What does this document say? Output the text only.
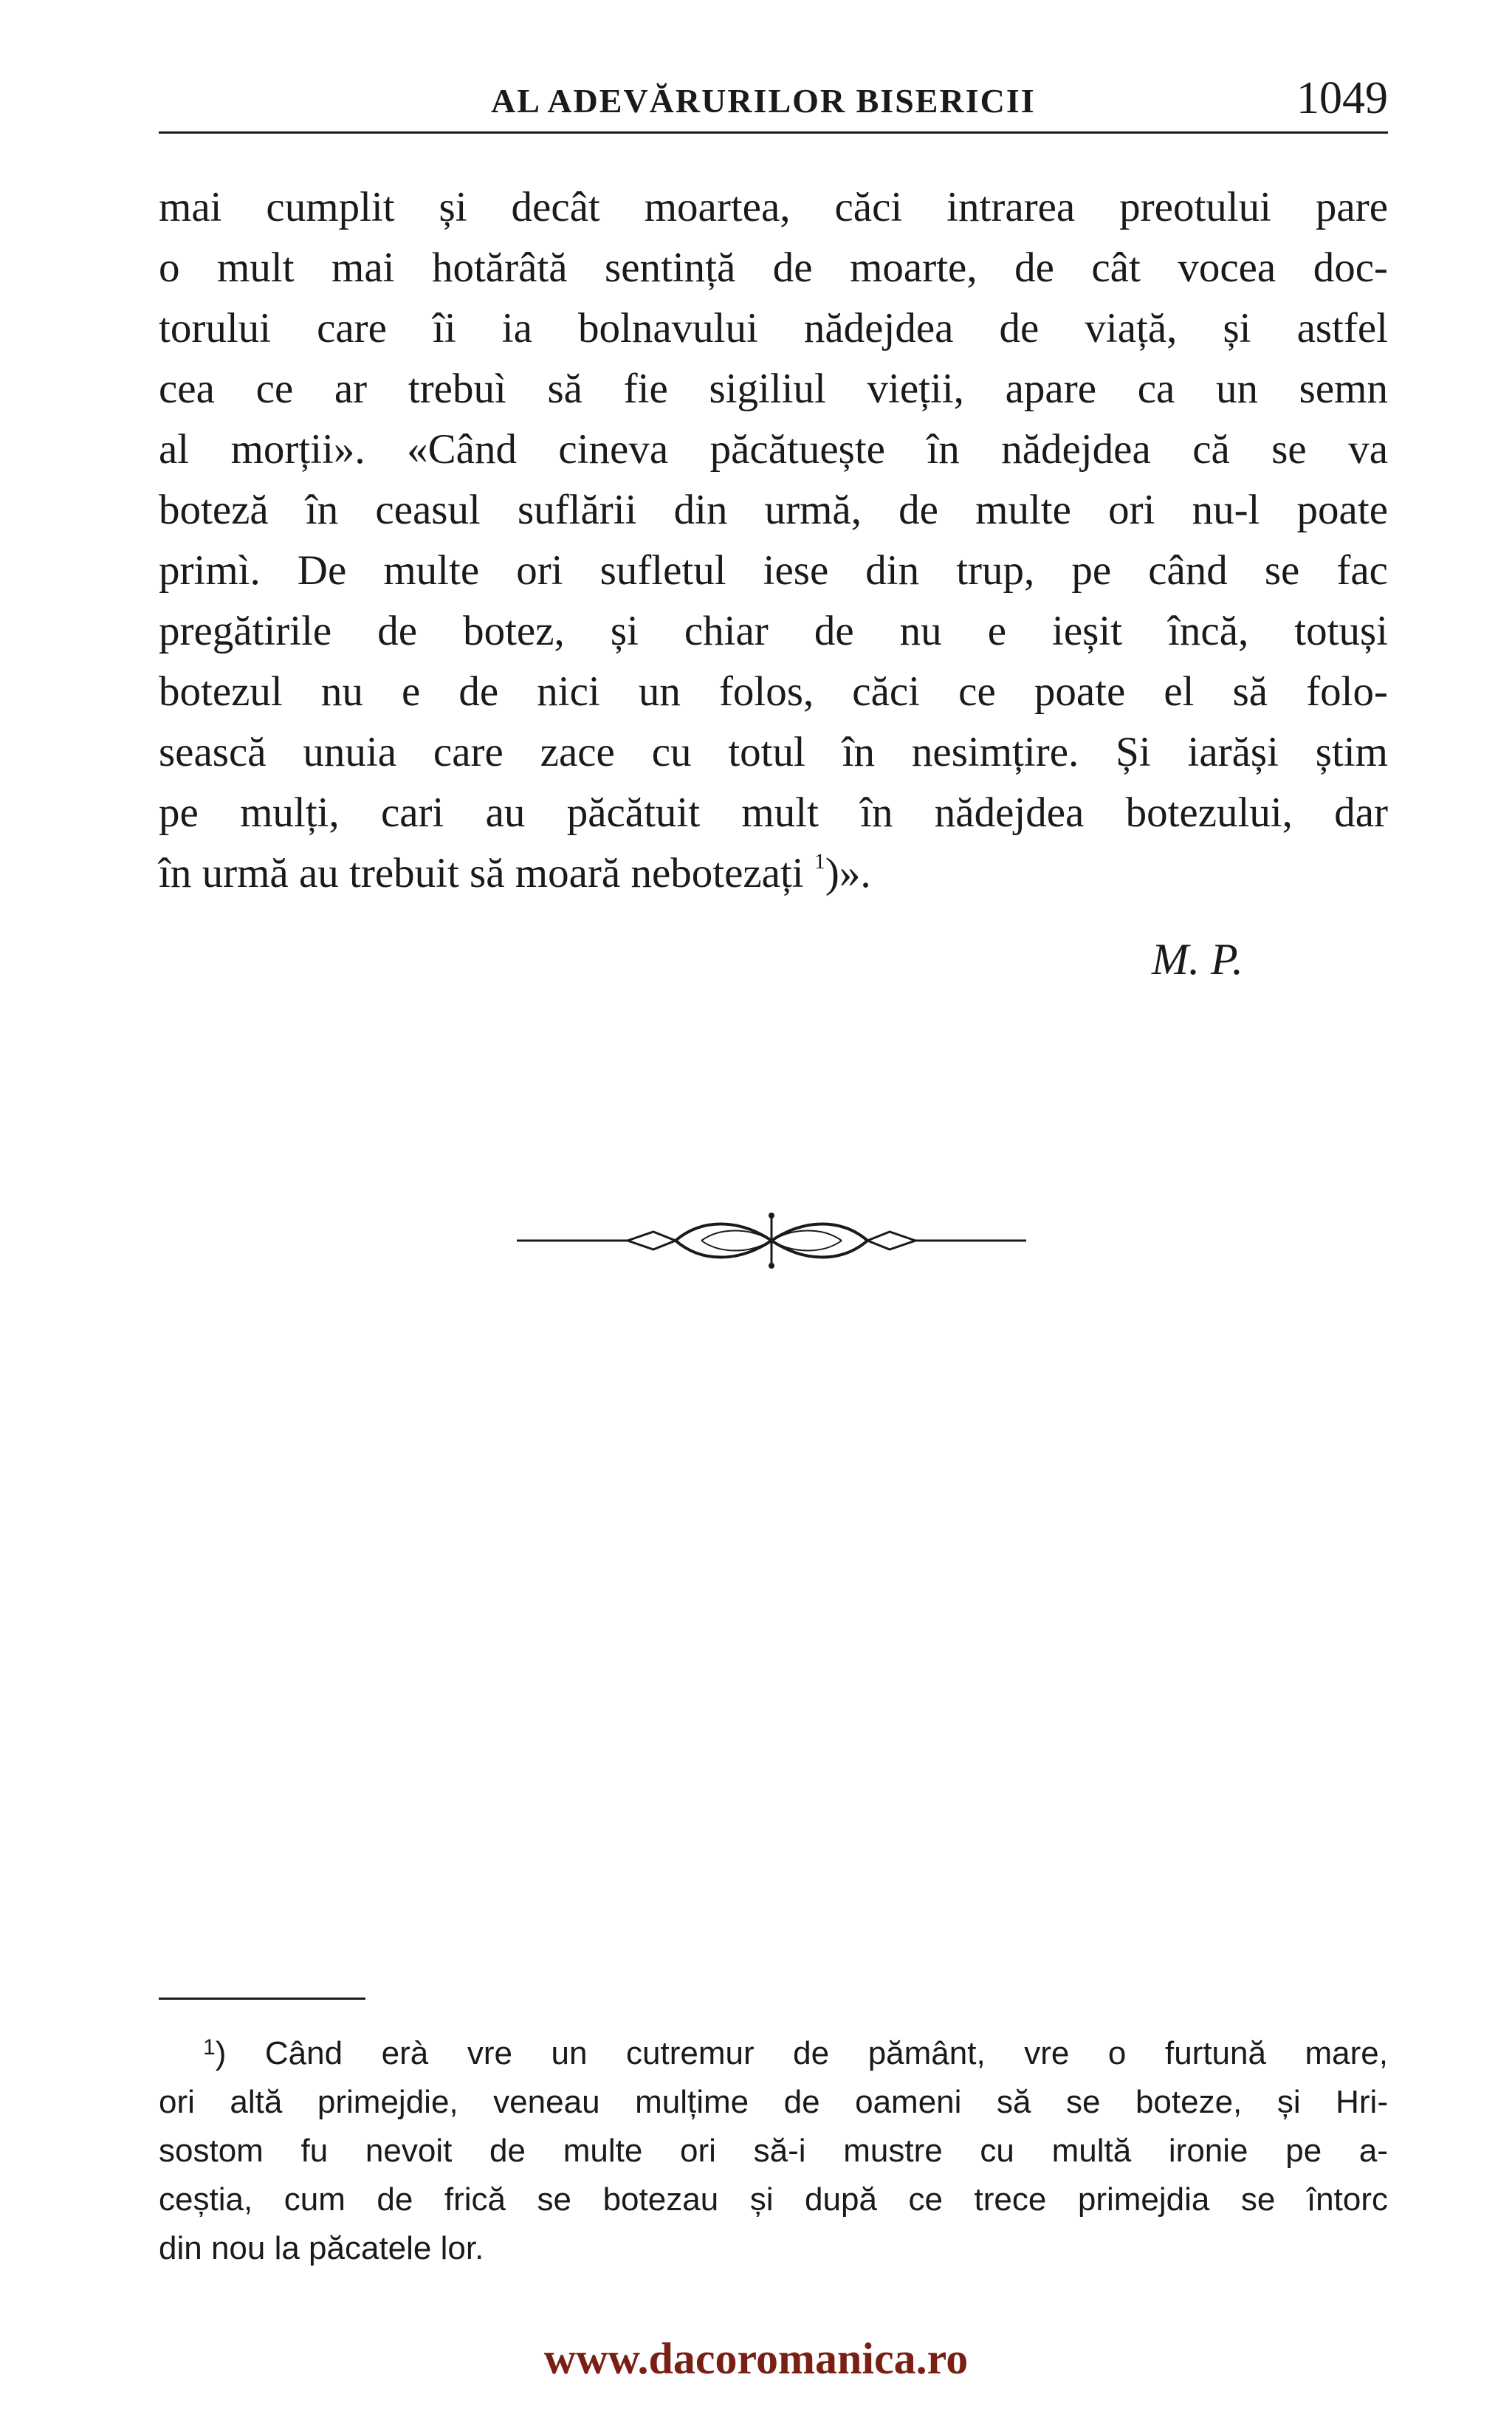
AL ADEVĂRURILOR BISERICII	1049
mai cumplit și decât moartea, căci intrarea preotului pare
o mult mai hotărâtă sentință de moarte, de cât vocea doc-
torului care îi ia bolnavului nădejdea de viață, și astfel
cea ce ar trebuì să fie sigiliul vieții, apare ca un semn
al morții». «Când cineva păcătuește în nădejdea că se va
boteză în ceasul suflării din urmă, de multe ori nu-l poate
primì. De multe ori sufletul iese din trup, pe când se fac
pregătirile de botez, și chiar de nu e ieșit încă, totuși
botezul nu e de nici un folos, căci ce poate el să folo-
sească unuia care zace cu totul în nesimțire. Și iarăși știm
pe mulți, cari au păcătuit mult în nădejdea botezului, dar
în urmă au trebuit să moară nebotezați $^1$)».
M. P.
$^1$) Când erà vre un cutremur de pământ, vre o furtună mare,
ori altă primejdie, veneau mulțime de oameni să se boteze, și Hri-
sostom fu nevoit de multe ori să-i mustre cu multă ironie pe a-
ceștia, cum de frică se botezau și după ce trece primejdia se întorc
din nou la păcatele lor.
www.dacoromanica.ro
